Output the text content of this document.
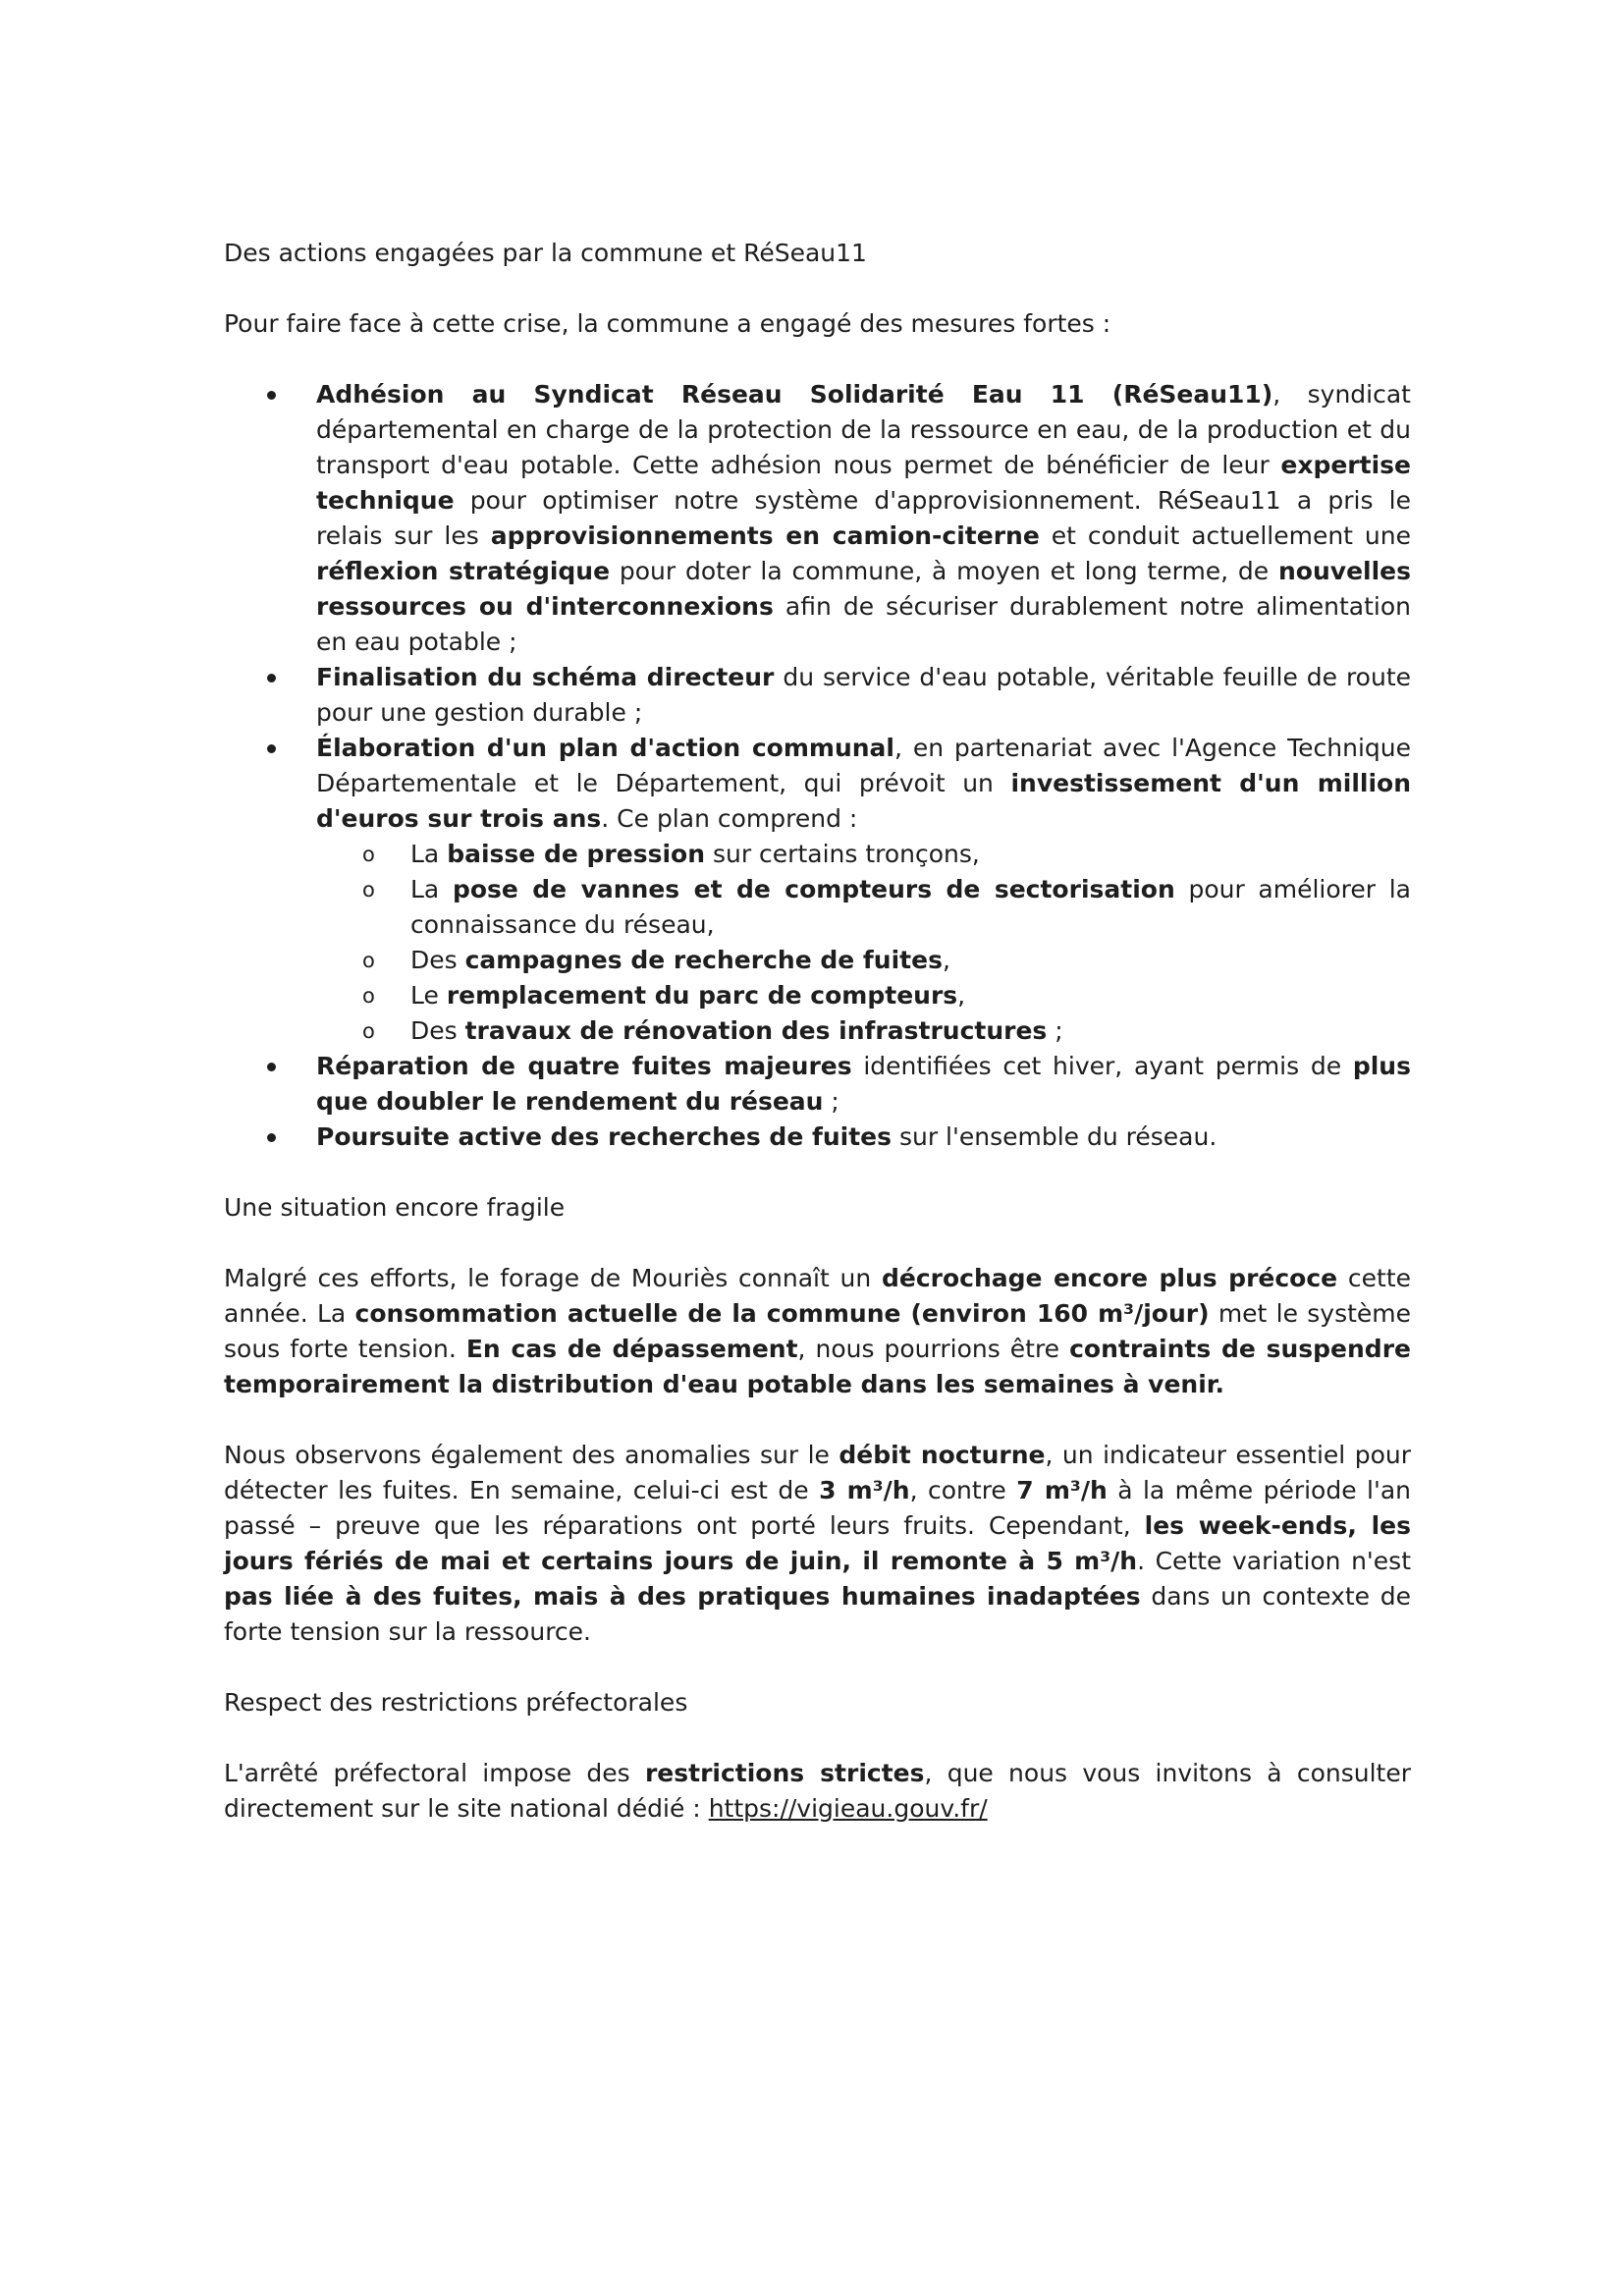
Des actions engagées par la commune et RéSeau11

Pour faire face à cette crise, la commune a engagé des mesures fortes :

Adhésion au Syndicat Réseau Solidarité Eau 11 (RéSeau11), syndicat départemental en charge de la protection de la ressource en eau, de la production et du transport d'eau potable. Cette adhésion nous permet de bénéficier de leur expertise technique pour optimiser notre système d'approvisionnement. RéSeau11 a pris le relais sur les approvisionnements en camion-citerne et conduit actuellement une réflexion stratégique pour doter la commune, à moyen et long terme, de nouvelles ressources ou d'interconnexions afin de sécuriser durablement notre alimentation en eau potable ;
Finalisation du schéma directeur du service d'eau potable, véritable feuille de route pour une gestion durable ;
Élaboration d'un plan d'action communal, en partenariat avec l'Agence Technique Départementale et le Département, qui prévoit un investissement d'un million d'euros sur trois ans. Ce plan comprend :
o La baisse de pression sur certains tronçons,
o La pose de vannes et de compteurs de sectorisation pour améliorer la connaissance du réseau,
o Des campagnes de recherche de fuites,
o Le remplacement du parc de compteurs,
o Des travaux de rénovation des infrastructures ;
Réparation de quatre fuites majeures identifiées cet hiver, ayant permis de plus que doubler le rendement du réseau ;
Poursuite active des recherches de fuites sur l'ensemble du réseau.

Une situation encore fragile

Malgré ces efforts, le forage de Mouriès connaît un décrochage encore plus précoce cette année. La consommation actuelle de la commune (environ 160 m³/jour) met le système sous forte tension. En cas de dépassement, nous pourrions être contraints de suspendre temporairement la distribution d'eau potable dans les semaines à venir.

Nous observons également des anomalies sur le débit nocturne, un indicateur essentiel pour détecter les fuites. En semaine, celui-ci est de 3 m³/h, contre 7 m³/h à la même période l'an passé – preuve que les réparations ont porté leurs fruits. Cependant, les week-ends, les jours fériés de mai et certains jours de juin, il remonte à 5 m³/h. Cette variation n'est pas liée à des fuites, mais à des pratiques humaines inadaptées dans un contexte de forte tension sur la ressource.

Respect des restrictions préfectorales

L'arrêté préfectoral impose des restrictions strictes, que nous vous invitons à consulter directement sur le site national dédié : https://vigieau.gouv.fr/
